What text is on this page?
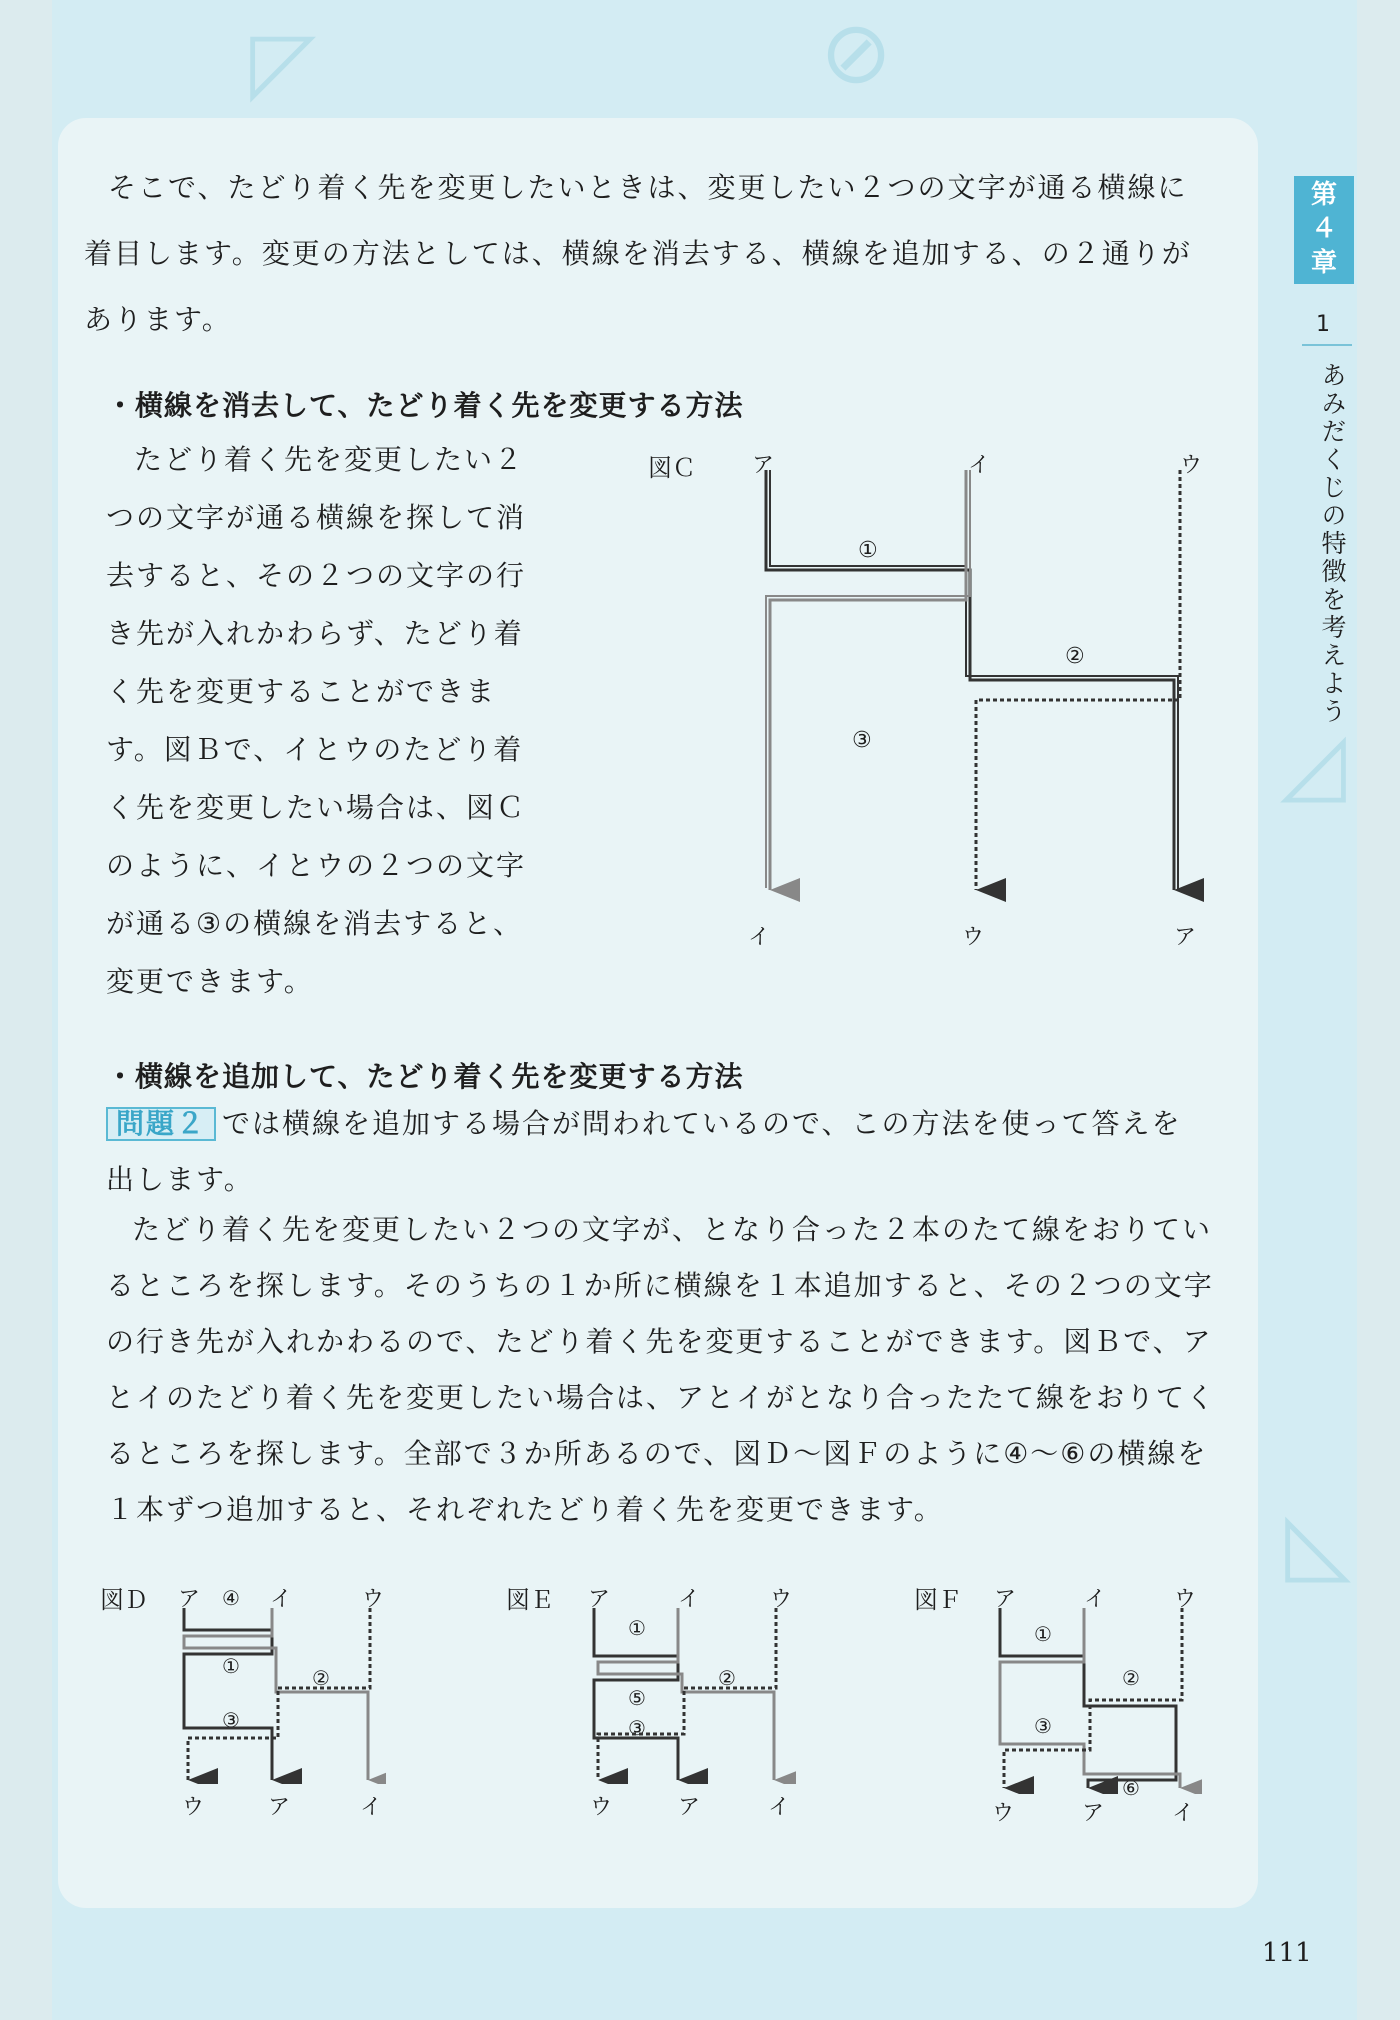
◸	⊘
◿
◺
そこで、たどり着く先を変更したいときは、変更したい２つの文字が通る横線に
着目します。変更の方法としては、横線を消去する、横線を追加する、の２通りが
あります。
・横線を消去して、たどり着く先を変更する方法
たどり着く先を変更したい２
つの文字が通る横線を探して消
去すると、その２つの文字の行
き先が入れかわらず、たどり着
く先を変更することができま
す。図Ｂで、イとウのたどり着
く先を変更したい場合は、図Ｃ
のように、イとウの２つの文字
が通る③の横線を消去すると、
変更できます。
図Ｃ	ア	イ	ウ
イ	ウ	ア
①
②
③
・横線を追加して、たどり着く先を変更する方法
問題２ では横線を追加する場合が問われているので、この方法を使って答えを
出します。
たどり着く先を変更したい２つの文字が、となり合った２本のたて線をおりてい
るところを探します。そのうちの１か所に横線を１本追加すると、その２つの文字
の行き先が入れかわるので、たどり着く先を変更することができます。図Ｂで、ア
とイのたどり着く先を変更したい場合は、アとイがとなり合ったたて線をおりてく
るところを探します。全部で３か所あるので、図Ｄ～図Ｆのように④～⑥の横線を
１本ずつ追加すると、それぞれたどり着く先を変更できます。
図Ｄ ア	イ	ウ
ウ	ア	イ
④
①	②
③
図Ｅ ア	イ	ウ
ウ	ア	イ
①
⑤
②
③
図Ｆ ア	イ	ウ
ウ	ア	イ
①
②
③
⑥
第４章
1
あみだくじの特徴を考えよう
111
